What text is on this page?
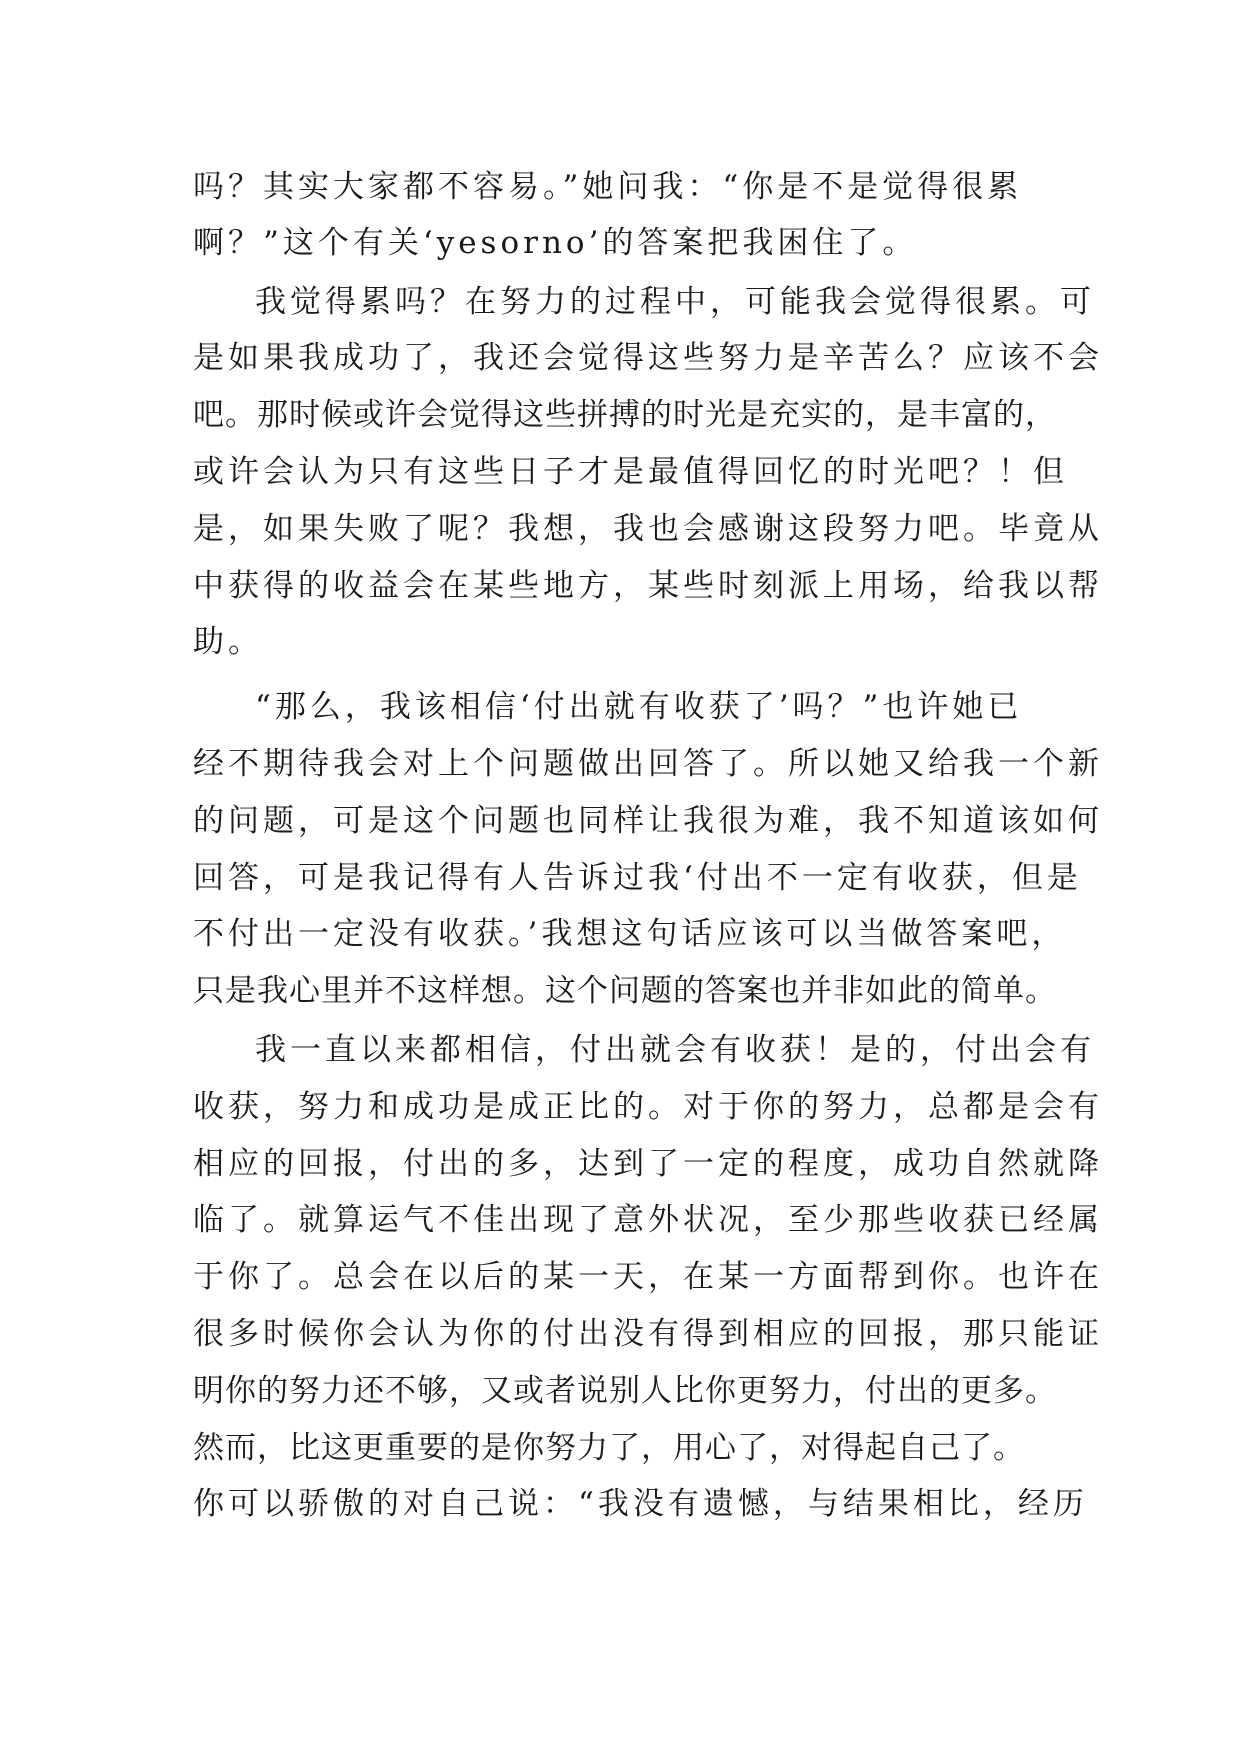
吗？其实大家都不容易。”她问我：“你是不是觉得很累

啊？”这个有关‘yesorno’的答案把我困住了。

我觉得累吗？在努力的过程中，可能我会觉得很累。可

是如果我成功了，我还会觉得这些努力是辛苦么？应该不会

吧。那时候或许会觉得这些拼搏的时光是充实的，是丰富的，

或许会认为只有这些日子才是最值得回忆的时光吧？！但

是，如果失败了呢？我想，我也会感谢这段努力吧。毕竟从

中获得的收益会在某些地方，某些时刻派上用场，给我以帮

助。

“那么，我该相信‘付出就有收获了’吗？”也许她已

经不期待我会对上个问题做出回答了。所以她又给我一个新

的问题，可是这个问题也同样让我很为难，我不知道该如何

回答，可是我记得有人告诉过我‘付出不一定有收获，但是

不付出一定没有收获。’我想这句话应该可以当做答案吧，

只是我心里并不这样想。这个问题的答案也并非如此的简单。

我一直以来都相信，付出就会有收获！是的，付出会有

收获，努力和成功是成正比的。对于你的努力，总都是会有

相应的回报，付出的多，达到了一定的程度，成功自然就降

临了。就算运气不佳出现了意外状况，至少那些收获已经属

于你了。总会在以后的某一天，在某一方面帮到你。也许在

很多时候你会认为你的付出没有得到相应的回报，那只能证

明你的努力还不够，又或者说别人比你更努力，付出的更多。

然而，比这更重要的是你努力了，用心了，对得起自己了。

你可以骄傲的对自己说：“我没有遗憾，与结果相比，经历
